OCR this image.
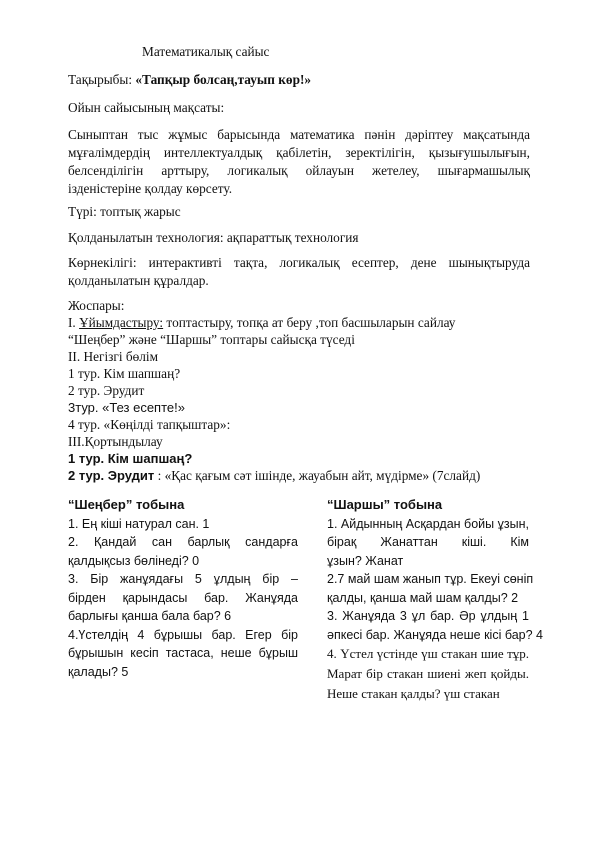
Математикалық сайыс
Тақырыбы: «Тапқыр болсаң,тауып көр!»
Ойын сайысының мақсаты:
Сыныптан тыс жұмыс барысында математика пәнін дәріптеу мақсатында
мұғалімдердің интеллектуалдық қабілетін, зеректілігін, қызығушылығын,
белсенділігін арттыру, логикалық ойлауын жетелеу, шығармашылық
ізденістеріне қолдау көрсету.
Түрі: топтық жарыс
Қолданылатын технология: ақпараттық технология
Көрнекілігі: интерактивті тақта, логикалық есептер, дене шынықтыруда
қолданылатын құралдар.
Жоспары:
І. Ұйымдастыру: топтастыру, топқа ат беру ,топ басшыларын сайлау
“Шеңбер” және “Шаршы” топтары сайысқа түседі
ІІ. Негізгі бөлім
1 тур. Кім шапшаң?
2 тур. Эрудит
3тур. «Тез есепте!»
4 тур. «Көңілді тапқыштар»:
ІІІ.Қортындылау
1 тур. Кім шапшаң?
2 тур. Эрудит : «Қас қағым сәт ішінде, жауабын айт, мүдірме» (7слайд)
“Шеңбер” тобына
1. Ең кіші натурал сан. 1
2. Қандай сан барлық сандарға
қалдықсыз бөлінеді? 0
3. Бір жанұядағы 5 ұлдың бір –
бірден қарындасы бар. Жанұяда
барлығы қанша бала бар? 6
4.Үстелдің 4 бұрышы бар. Егер бір
бұрышын кесіп тастаса, неше бұрыш
қалады? 5
“Шаршы” тобына
1. Айдынның Асқардан бойы ұзын,
бірақ Жанаттан кіші. Кім
ұзын? Жанат
2.7 май шам жанып тұр. Екеуі сөніп
қалды, қанша май шам қалды? 2
3. Жанұяда 3 ұл бар. Әр ұлдың 1
әпкесі бар. Жанұяда неше кісі бар? 4
4. Үстел үстінде үш стакан шие тұр.
Марат бір стакан шиені жеп қойды.
Неше стакан қалды? үш стакан
